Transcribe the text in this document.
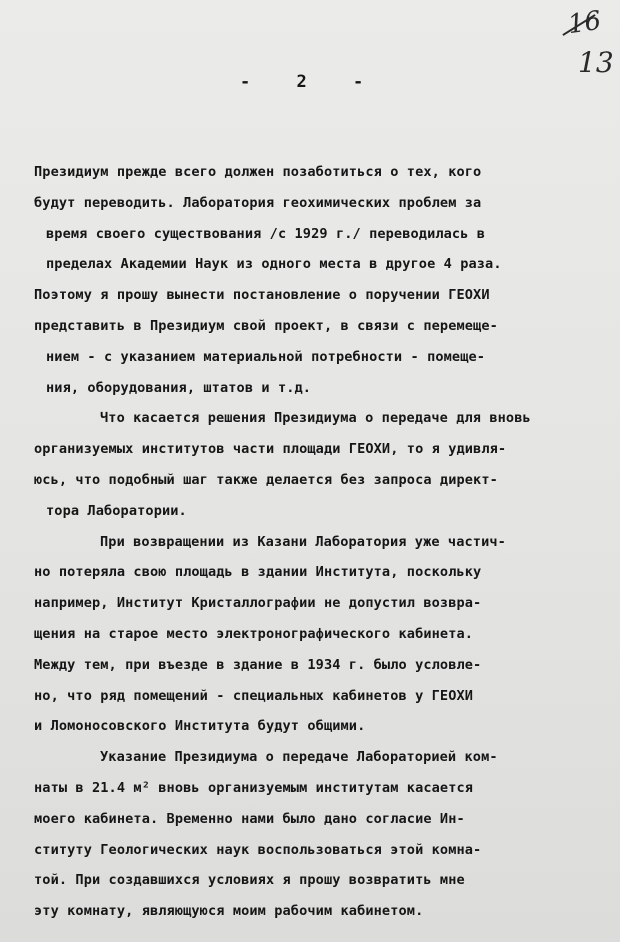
- 2 -
16
13
Президиум прежде всего должен позаботиться о тех, кого
будут переводить. Лаборатория геохимических проблем за
время своего существования /с 1929 г./ переводилась в
пределах Академии Наук из одного места в другое 4 раза.
Поэтому я прошу вынести постановление о поручении ГЕОХИ
представить в Президиум свой проект, в связи с перемеще-
нием - с указанием материальной потребности - помеще-
ния, оборудования, штатов и т.д.
Что касается решения Президиума о передаче для вновь
организуемых институтов части площади ГЕОХИ, то я удивля-
юсь, что подобный шаг также делается без запроса директ-
тора Лаборатории.
При возвращении из Казани Лаборатория уже частич-
но потеряла свою площадь в здании Института, поскольку
например, Институт Кристаллографии не допустил возвра-
щения на старое место электронографического кабинета.
Между тем, при въезде в здание в 1934 г. было условле-
но, что ряд помещений - специальных кабинетов у ГЕОХИ
и Ломоносовского Института будут общими.
Указание Президиума о передаче Лабораторией ком-
наты в 21.4 м² вновь организуемым институтам касается
моего кабинета. Временно нами было дано согласие Ин-
ституту Геологических наук воспользоваться этой комна-
той. При создавшихся условиях я прошу возвратить мне
эту комнату, являющуюся моим рабочим кабинетом.
